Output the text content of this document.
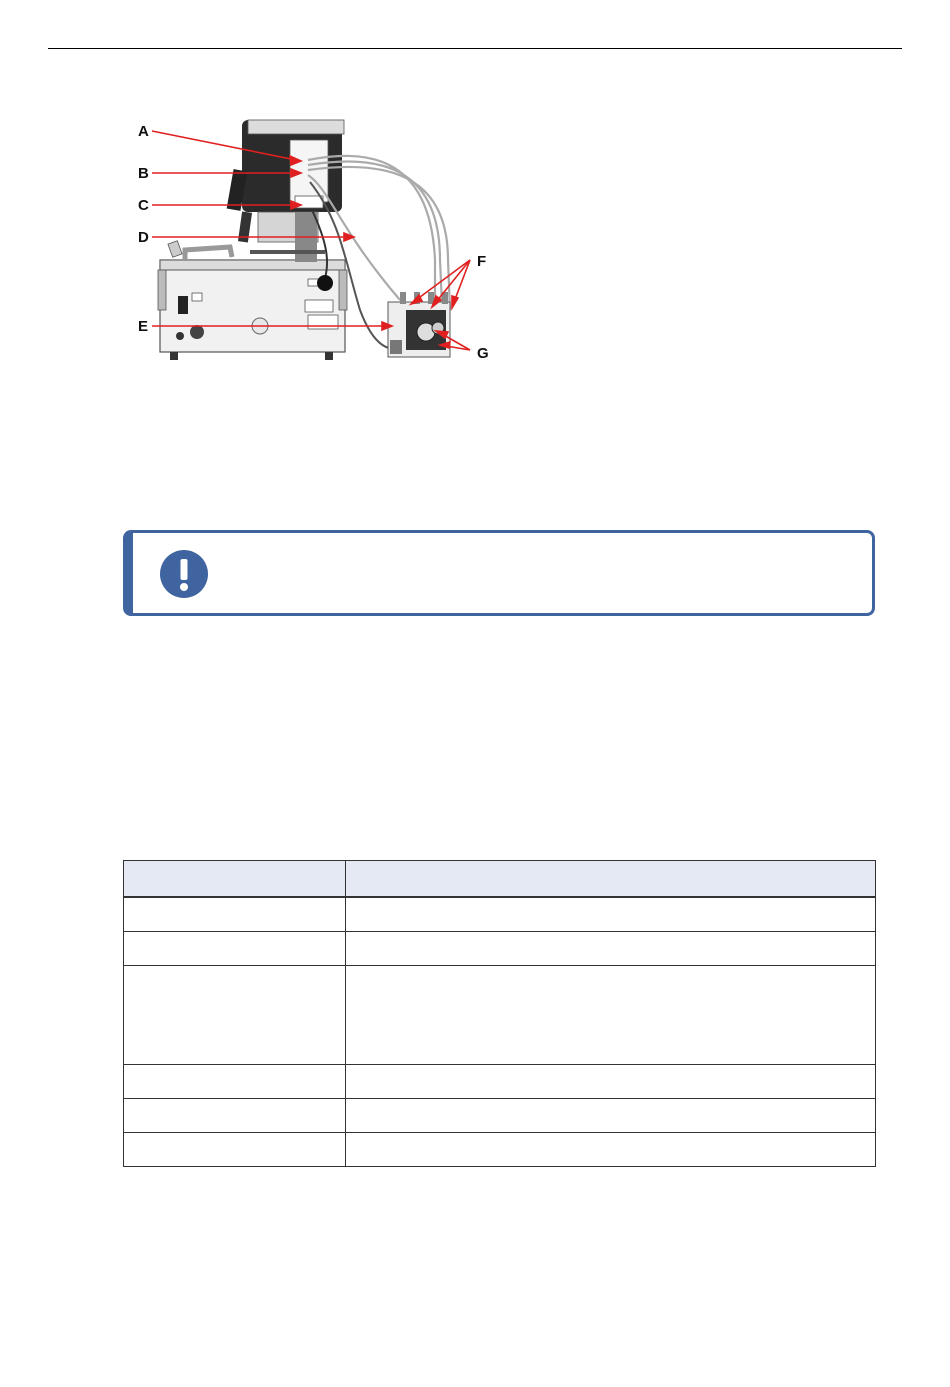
A
B
C
D
E
F
G
